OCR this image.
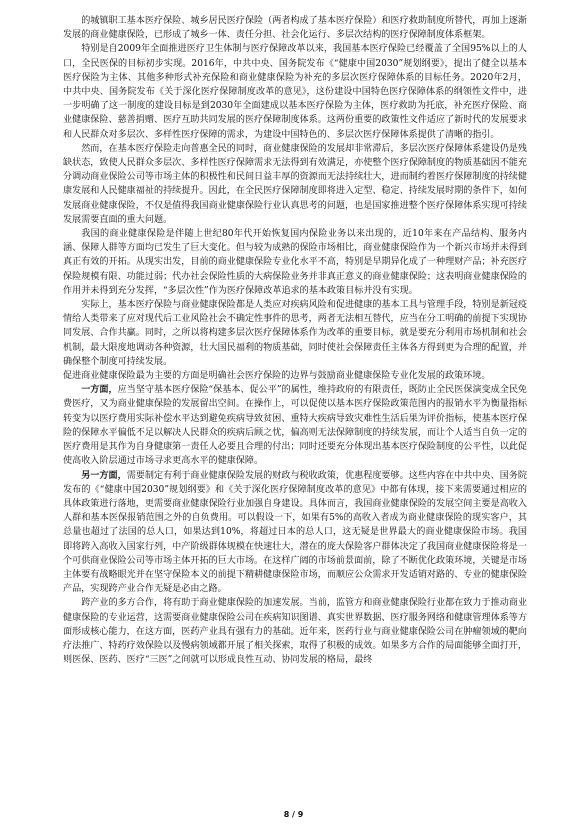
的城镇职工基本医疗保险、城乡居民医疗保险（两者构成了基本医疗保险）和医疗救助制度所替代，再加上逐渐发展的商业健康保险，已形成了城乡一体、责任分担、社会化运行、多层次结构的医疗保障制度体系框架。

特别是自2009年全面推进医疗卫生体制与医疗保障改革以来，我国基本医疗保险已经覆盖了全国95%以上的人口，全民医保的目标初步实现。2016年，中共中央、国务院发布《“健康中国2030”规划纲要》，提出了健全以基本医疗保险为主体、其他多种形式补充保险和商业健康保险为补充的多层次医疗保障体系的目标任务。2020年2月，中共中央、国务院发布《关于深化医疗保障制度改革的意见》，这份建设中国特色医疗保障体系的纲领性文件中，进一步明确了这一制度的建设目标是到2030年全面建成以基本医疗保险为主体，医疗救助为托底，补充医疗保险、商业健康保险、慈善捐赠、医疗互助共同发展的医疗保障制度体系。这两份重要的政策性文件适应了新时代的发展要求和人民群众对多层次、多样性医疗保障的需求，为建设中国特色的、多层次医疗保障体系提供了清晰的指引。

然而，在基本医疗保险走向普惠全民的同时，商业健康保险的发展却非常滞后，多层次医疗保障体系建设仍是残缺状态，致使人民群众多层次、多样性医疗保障需求无法得到有效满足，亦使整个医疗保障制度的物质基础因不能充分调动商业保险公司等市场主体的积极性和民间日益丰厚的资源而无法持续壮大，进而制约着医疗保障制度的持续健康发展和人民健康福祉的持续提升。因此，在全民医疗保障制度即将进入定型、稳定、持续发展时期的条件下，如何发展商业健康保险，不仅是值得我国商业健康保险行业认真思考的问题，也是国家推进整个医疗保障体系实现可持续发展需要直面的重大问题。

我国的商业健康保险是伴随上世纪80年代开始恢复国内保险业务以来出现的，近10年来在产品结构、服务内涵、保障人群等方面均已发生了巨大变化。但与较为成熟的保险市场相比，商业健康保险作为一个新兴市场并未得到真正有效的开拓。从现实出发，目前的商业健康保险专业化水平不高，特别是早期异化成了一种理财产品；补充医疗保险规模有限、功能过弱；代办社会保险性质的大病保险业务并非真正意义的商业健康保险；这表明商业健康保险的作用并未得到充分发挥，“多层次性”作为医疗保障改革追求的基本政策目标并没有实现。

实际上，基本医疗保险与商业健康保险都是人类应对疾病风险和促进健康的基本工具与管理手段，特别是新冠疫情给人类带来了应对现代后工业风险社会不确定性事件的思考，两者无法相互替代，应当在分工明确的前提下实现协同发展、合作共赢。同时，之所以将构建多层次医疗保障体系作为改革的重要目标，就是要充分利用市场机制和社会机制，最大限度地调动各种资源，壮大国民福利的物质基础，同时使社会保障责任主体各方得到更为合理的配置，并确保整个制度可持续发展。

促进商业健康保险最为主要的方面是明确社会医疗保险的边界与鼓励商业健康保险专业化发展的政策环境。

一方面，应当坚守基本医疗保险“保基本、促公平”的属性，维持政府的有限责任，既防止全民医保演变成全民免费医疗，又为商业健康保险的发展留出空间。在操作上，可以促使以基本医疗保险政策范围内的报销水平为衡量指标转变为以医疗费用实际补偿水平达到避免疾病导致贫困、重特大疾病导致灾难性生活后果为评价指标，使基本医疗保险的保障水平偏低不足以解决人民群众的疾病后顾之忧，偏高则无法保障制度的持续发展，而让个人适当自负一定的医疗费用是其作为自身健康第一责任人必要且合理的付出；同时还要充分体现出基本医疗保险制度的公平性，以此促使高收入阶层通过市场寻求更高水平的健康保障。

另一方面，需要制定有利于商业健康保险发展的财政与税收政策，优惠程度要够。这些内容在中共中央、国务院发布的《“健康中国2030”规划纲要》和《关于深化医疗保障制度改革的意见》中都有体现，接下来需要通过相应的具体政策进行落地，更需要商业健康保险行业加强自身建设。具体而言，我国商业健康保险的发展空间主要是高收入人群和基本医保报销范围之外的自负费用。可以假设一下，如果有5%的高收入者成为商业健康保险的现实客户，其总量也超过了法国的总人口，如果达到10%，将超过日本的总人口，这无疑是世界最大的商业健康保险市场。我国即将跨入高收入国家行列，中产阶级群体规模在快速壮大，潜在的庞大保险客户群体决定了我国商业健康保险将是一个可供商业保险公司等市场主体开拓的巨大市场。在这样广阔的市场前景面前，除了不断优化政策环境，关键是市场主体要有战略眼光并在坚守保险本义的前提下精耕健康保险市场，而顺应公众需求开发适销对路的、专业的健康保险产品，实现跨产业合作无疑是必由之路。

跨产业的多方合作，将有助于商业健康保险的加速发展。当前，监管方和商业健康保险行业都在致力于推动商业健康保险的专业运营，这需要商业健康保险公司在疾病知识图谱、真实世界数据、医疗服务网络和健康管理体系等方面形成核心能力，在这方面，医药产业具有强有力的基础。近年来，医药行业与商业健康保险公司在肿瘤领域的靶向疗法推广、特药疗效保险以及慢病领域都开展了相关探索，取得了积极的成效。如果多方合作的局面能够全面打开，则医保、医药、医疗“三医”之间就可以形成良性互动、协同发展的格局，最终

8 / 9
